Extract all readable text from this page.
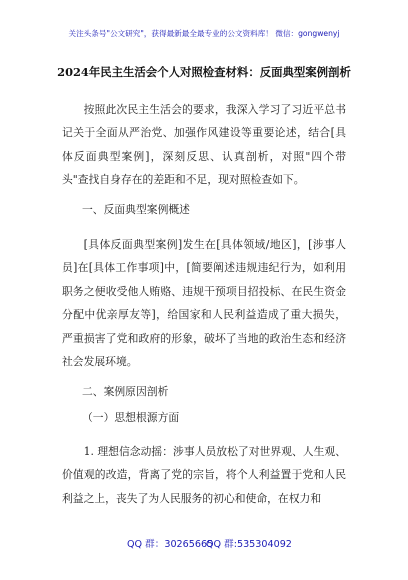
关注头条号"公文研究"，获得最新最全最专业的公文资料库！ 微信：gongwenyj
2024年民主生活会个人对照检查材料：反面典型案例剖析
按照此次民主生活会的要求，我深入学习了习近平总书记关于全面从严治党、加强作风建设等重要论述，结合[具体反面典型案例]，深刻反思、认真剖析，对照"四个带头"查找自身存在的差距和不足，现对照检查如下。
一、反面典型案例概述
[具体反面典型案例]发生在[具体领域/地区]，[涉事人员]在[具体工作事项]中，[简要阐述违规违纪行为，如利用职务之便收受他人贿赂、违规干预项目招投标、在民生资金分配中优亲厚友等]，给国家和人民利益造成了重大损失，严重损害了党和政府的形象，破坏了当地的政治生态和经济社会发展环境。
二、案例原因剖析
（一）思想根源方面
1. 理想信念动摇：涉事人员放松了对世界观、人生观、价值观的改造，背离了党的宗旨，将个人利益置于党和人民利益之上，丧失了为人民服务的初心和使命，在权力和
QQ 群：30265665
QQ 群:535304092
